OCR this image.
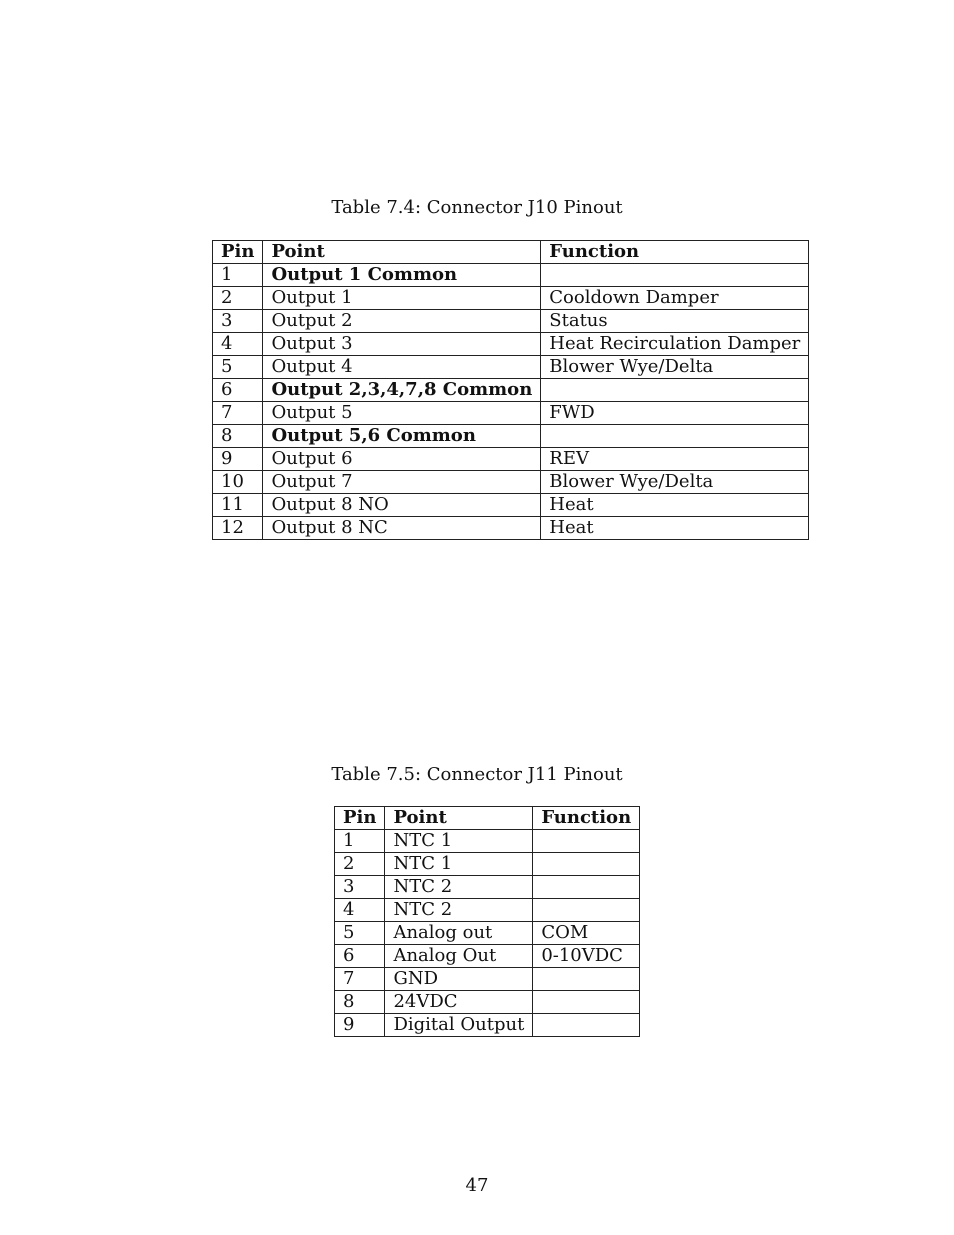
Table 7.4: Connector J10 Pinout
Pin	Point	Function
1	Output 1 Common	
2	Output 1	Cooldown Damper
3	Output 2	Status
4	Output 3	Heat Recirculation Damper
5	Output 4	Blower Wye/Delta
6	Output 2,3,4,7,8 Common	
7	Output 5	FWD
8	Output 5,6 Common	
9	Output 6	REV
10	Output 7	Blower Wye/Delta
11	Output 8 NO	Heat
12	Output 8 NC	Heat
Table 7.5: Connector J11 Pinout
Pin	Point	Function
1	NTC 1	
2	NTC 1	
3	NTC 2	
4	NTC 2	
5	Analog out	COM
6	Analog Out	0-10VDC
7	GND	
8	24VDC	
9	Digital Output	
47
